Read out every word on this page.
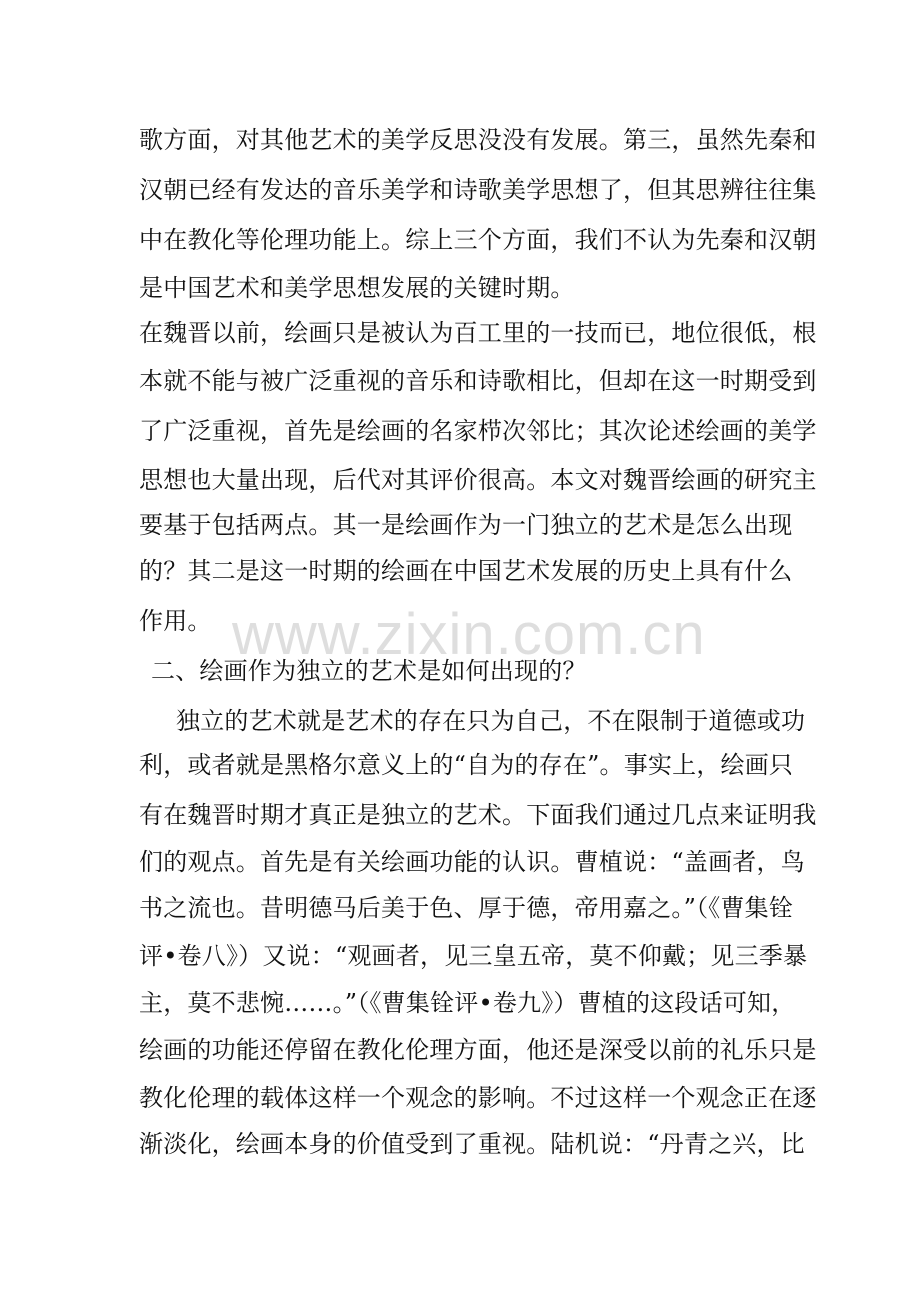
www.zixin.com.cn
歌方面，对其他艺术的美学反思没没有发展。第三，虽然先秦和
汉朝已经有发达的音乐美学和诗歌美学思想了，但其思辨往往集
中在教化等伦理功能上。综上三个方面，我们不认为先秦和汉朝
是中国艺术和美学思想发展的关键时期。
在魏晋以前，绘画只是被认为百工里的一技而已，地位很低，根
本就不能与被广泛重视的音乐和诗歌相比，但却在这一时期受到
了广泛重视，首先是绘画的名家栉次邻比；其次论述绘画的美学
思想也大量出现，后代对其评价很高。本文对魏晋绘画的研究主
要基于包括两点。其一是绘画作为一门独立的艺术是怎么出现
的？其二是这一时期的绘画在中国艺术发展的历史上具有什么
作用。
二、绘画作为独立的艺术是如何出现的？
独立的艺术就是艺术的存在只为自己，不在限制于道德或功
利，或者就是黑格尔意义上的“自为的存在”。事实上，绘画只
有在魏晋时期才真正是独立的艺术。下面我们通过几点来证明我
们的观点。首先是有关绘画功能的认识。曹植说：“盖画者，鸟
书之流也。昔明德马后美于色、厚于德，帝用嘉之。”（《曹集铨
评•卷八》）又说：“观画者，见三皇五帝，莫不仰戴；见三季暴
主，莫不悲惋……。”（《曹集铨评•卷九》）曹植的这段话可知，
绘画的功能还停留在教化伦理方面，他还是深受以前的礼乐只是
教化伦理的载体这样一个观念的影响。不过这样一个观念正在逐
渐淡化，绘画本身的价值受到了重视。陆机说：“丹青之兴，比
